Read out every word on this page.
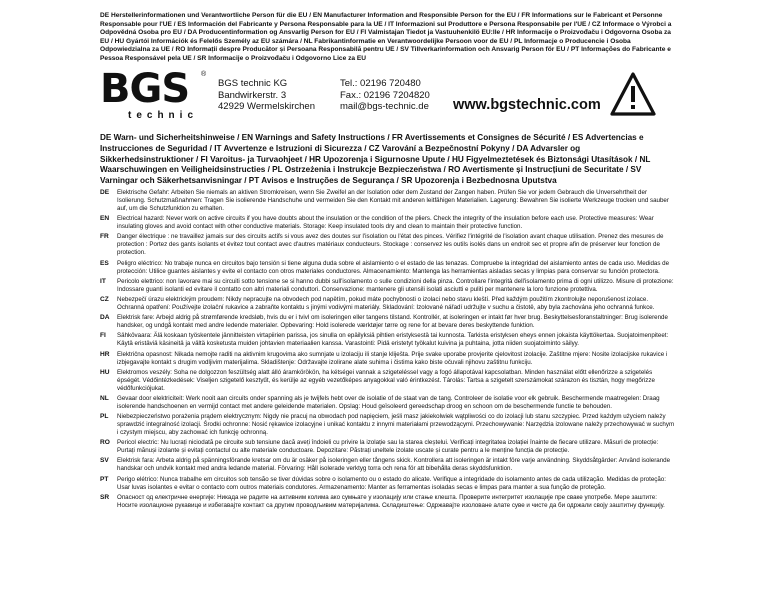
DE Herstellerinformationen und Verantwortliche Person für die EU / EN Manufacturer Information and Responsible Person for the EU / FR Informations sur le Fabricant et Personne Responsable pour l'UE / ES Información del Fabricante y Persona Responsable para la UE / IT Informazioni sul Produttore e Persona Responsabile per l'UE / CZ Informace o Výrobci a Odpovědná Osoba pro EU / DA Producentinformation og Ansvarlig Person for EU / FI Valmistajan Tiedot ja Vastuuhenkilö EU:lle / HR Informacije o Proizvođaču i Odgovorna Osoba za EU / HU Gyártói Információk és Felelős Személy az EU számára / NL Fabrikantinformatie en Verantwoordelijke Persoon voor de EU / PL Informacje o Producencie i Osoba Odpowiedzialna za UE / RO Informații despre Producător și Persoana Responsabilă pentru UE / SV Tillverkarinformation och Ansvarig Person för EU / PT Informações do Fabricante e Pessoa Responsável pela UE / SR Informacije o Proizvođaču i Odgovorno Lice za EU
BGS ®
technic
BGS technic KG
Bandwirkerstr. 3
42929 Wermelskirchen
Tel.: 02196 720480
Fax.: 02196 7204820
mail@bgs-technic.de www.bgstechnic.com
DE Warn- und Sicherheitshinweise / EN Warnings and Safety Instructions / FR Avertissements et Consignes de Sécurité / ES Advertencias e Instrucciones de Seguridad / IT Avvertenze e Istruzioni di Sicurezza / CZ Varování a Bezpečnostní Pokyny / DA Advarsler og Sikkerhedsinstruktioner / FI Varoitus- ja Turvaohjeet / HR Upozorenja i Sigurnosne Upute / HU Figyelmeztetések és Biztonsági Utasítások / NL Waarschuwingen en Veiligheidsinstructies / PL Ostrzeżenia i Instrukcje Bezpieczeństwa / RO Avertismente și Instrucțiuni de Securitate / SV Varningar och Säkerhetsanvisningar / PT Avisos e Instruções de Segurança / SR Upozorenja i Bezbednosna Uputstva
DE	Elektrische Gefahr: Arbeiten Sie niemals an aktiven Stromkreisen, wenn Sie Zweifel an der Isolation oder dem Zustand der Zangen haben. Prüfen Sie vor jedem Gebrauch die Unversehrtheit der Isolierung. Schutzmaßnahmen: Tragen Sie isolierende Handschuhe und vermeiden Sie den Kontakt mit anderen leitfähigen Materialien. Lagerung: Bewahren Sie isolierte Werkzeuge trocken und sauber auf, um die Schutzfunktion zu erhalten.
EN	Electrical hazard: Never work on active circuits if you have doubts about the insulation or the condition of the pliers. Check the integrity of the insulation before each use. Protective measures: Wear insulating gloves and avoid contact with other conductive materials. Storage: Keep insulated tools dry and clean to maintain their protective function.
FR	Danger électrique : ne travaillez jamais sur des circuits actifs si vous avez des doutes sur l'isolation ou l'état des pinces. Vérifiez l'intégrité de l'isolation avant chaque utilisation. Prenez des mesures de protection : Portez des gants isolants et évitez tout contact avec d'autres matériaux conducteurs. Stockage : conservez les outils isolés dans un endroit sec et propre afin de préserver leur fonction de protection.
ES	Peligro eléctrico: No trabaje nunca en circuitos bajo tensión si tiene alguna duda sobre el aislamiento o el estado de las tenazas. Compruebe la integridad del aislamiento antes de cada uso. Medidas de protección: Utilice guantes aislantes y evite el contacto con otros materiales conductores. Almacenamiento: Mantenga las herramientas aisladas secas y limpias para conservar su función protectora.
IT	Pericolo elettrico: non lavorare mai su circuiti sotto tensione se si hanno dubbi sull'isolamento o sulle condizioni della pinza. Controllare l'integrità dell'isolamento prima di ogni utilizzo. Misure di protezione: Indossare guanti isolanti ed evitare il contatto con altri materiali conduttori. Conservazione: mantenere gli utensili isolati asciutti e puliti per mantenere la loro funzione protettiva.
CZ	Nebezpečí úrazu elektrickým proudem: Nikdy nepracujte na obvodech pod napětím, pokud máte pochybnosti o izolaci nebo stavu kleští. Před každým použitím zkontrolujte neporušenost izolace. Ochranná opatření: Používejte izolační rukavice a zabraňte kontaktu s jinými vodivými materiály. Skladování: Izolované nářadí udržujte v suchu a čistotě, aby byla zachována jeho ochranná funkce.
DA	Elektrisk fare: Arbejd aldrig på strømførende kredsløb, hvis du er i tvivl om isoleringen eller tangens tilstand. Kontrollér, at isoleringen er intakt før hver brug. Beskyttelsesforanstaltninger: Brug isolerende handsker, og undgå kontakt med andre ledende materialer. Opbevaring: Hold isolerede værktøjer tørre og rene for at bevare deres beskyttende funktion.
FI	Sähkövaara: Älä koskaan työskentele jännitteisten virtapiirien parissa, jos sinulla on epäilyksiä pihtien eristyksestä tai kunnosta. Tarkista eristyksen eheys ennen jokaista käyttökertaa. Suojatoimenpiteet: Käytä eristäviä käsineitä ja vältä kosketusta muiden johtavien materiaalien kanssa. Varastointi: Pidä eristetyt työkalut kuivina ja puhtaina, jotta niiden suojatoiminto säilyy.
HR	Električna opasnost: Nikada nemojte raditi na aktivnim krugovima ako sumnjate u izolaciju ili stanje kliješta. Prije svake uporabe provjerite cjelovitost izolacije. Zaštitne mjere: Nosite izolacijske rukavice i izbjegavajte kontakt s drugim vodljivim materijalima. Skladištenje: Održavajte izolirane alate suhima i čistima kako biste očuvali njihovu zaštitnu funkciju.
HU	Elektromos veszély: Soha ne dolgozzon feszültség alatt álló áramkörökön, ha kétségei vannak a szigeteléssel vagy a fogó állapotával kapcsolatban. Minden használat előtt ellenőrizze a szigetelés épségét. Védőintézkedések: Viseljen szigetelő kesztyűt, és kerülje az egyéb vezetőképes anyagokkal való érintkezést. Tárolás: Tartsa a szigetelt szerszámokat szárazon és tisztán, hogy megőrizze védőfunkciójukat.
NL	Gevaar door elektriciteit: Werk nooit aan circuits onder spanning als je twijfels hebt over de isolatie of de staat van de tang. Controleer de isolatie voor elk gebruik. Beschermende maatregelen: Draag isolerende handschoenen en vermijd contact met andere geleidende materialen. Opslag: Houd geïsoleerd gereedschap droog en schoon om de beschermende functie te behouden.
PL	Niebezpieczeństwo porażenia prądem elektrycznym: Nigdy nie pracuj na obwodach pod napięciem, jeśli masz jakiekolwiek wątpliwości co do izolacji lub stanu szczypiec. Przed każdym użyciem należy sprawdzić integralność izolacji. Środki ochronne: Nosić rękawice izolacyjne i unikać kontaktu z innymi materiałami przewodzącymi. Przechowywanie: Narzędzia izolowane należy przechowywać w suchym i czystym miejscu, aby zachować ich funkcję ochronną.
RO	Pericol electric: Nu lucrați niciodată pe circuite sub tensiune dacă aveți îndoieli cu privire la izolație sau la starea cleștelui. Verificați integritatea izolației înainte de fiecare utilizare. Măsuri de protecție: Purtați mănuși izolante și evitați contactul cu alte materiale conductoare. Depozitare: Păstrați uneltele izolate uscate și curate pentru a le menține funcția de protecție.
SV	Elektrisk fara: Arbeta aldrig på spänningsförande kretsar om du är osäker på isoleringen eller tångens skick. Kontrollera att isoleringen är intakt före varje användning. Skyddsåtgärder: Använd isolerande handskar och undvik kontakt med andra ledande material. Förvaring: Håll isolerade verktyg torra och rena för att bibehålla deras skyddsfunktion.
PT	Perigo elétrico: Nunca trabalhe em circuitos sob tensão se tiver dúvidas sobre o isolamento ou o estado do alicate. Verifique a integridade do isolamento antes de cada utilização. Medidas de proteção: Usar luvas isolantes e evitar o contacto com outros materiais condutores. Armazenamento: Manter as ferramentas isoladas secas e limpas para manter a sua função de proteção.
SR	Опасност од електричне енергије: Никада не радите на активним колима ако сумњате у изолацију или стање клешта. Проверите интегритет изолације пре сваке употребе. Мере заштите: Носите изолационе рукавице и избегавајте контакт са другим проводљивим материјалима. Складиштење: Одржавајте изоловане алате суве и чисте да би одржали своју заштитну функцију.
